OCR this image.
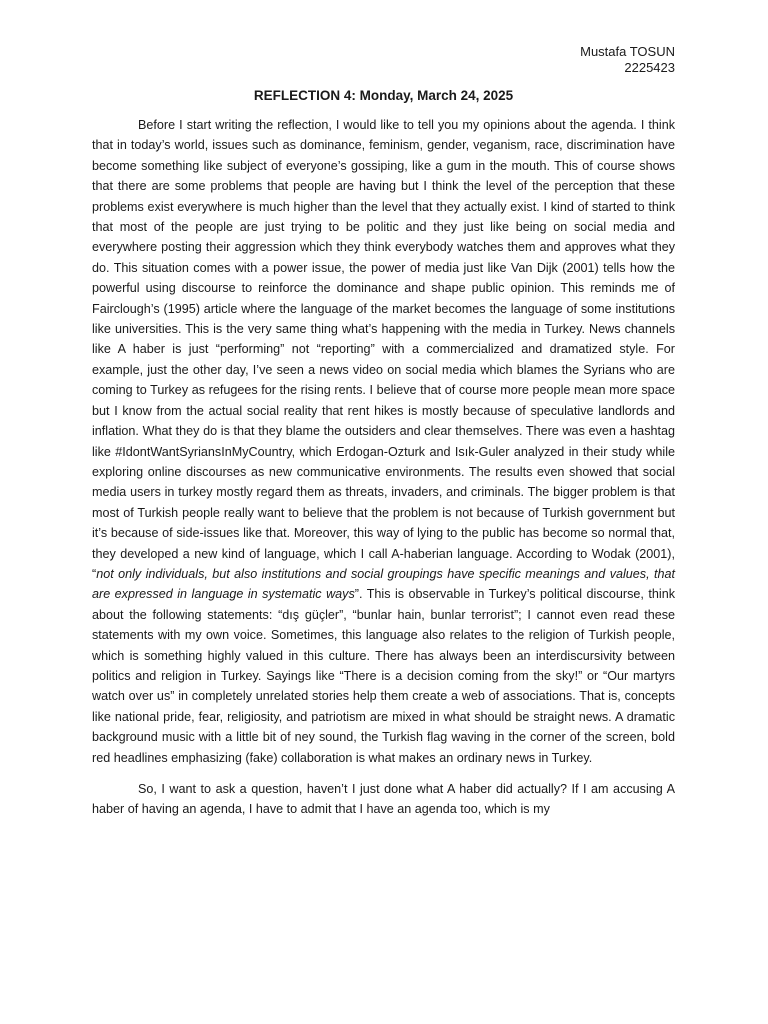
Mustafa TOSUN
2225423
REFLECTION 4: Monday, March 24, 2025

Before I start writing the reflection, I would like to tell you my opinions about the agenda. I think that in today’s world, issues such as dominance, feminism, gender, veganism, race, discrimination have become something like subject of everyone’s gossiping, like a gum in the mouth. This of course shows that there are some problems that people are having but I think the level of the perception that these problems exist everywhere is much higher than the level that they actually exist. I kind of started to think that most of the people are just trying to be politic and they just like being on social media and everywhere posting their aggression which they think everybody watches them and approves what they do. This situation comes with a power issue, the power of media just like Van Dijk (2001) tells how the powerful using discourse to reinforce the dominance and shape public opinion. This reminds me of Fairclough’s (1995) article where the language of the market becomes the language of some institutions like universities. This is the very same thing what’s happening with the media in Turkey. News channels like A haber is just “performing” not “reporting” with a commercialized and dramatized style. For example, just the other day, I’ve seen a news video on social media which blames the Syrians who are coming to Turkey as refugees for the rising rents. I believe that of course more people mean more space but I know from the actual social reality that rent hikes is mostly because of speculative landlords and inflation. What they do is that they blame the outsiders and clear themselves. There was even a hashtag like #IdontWantSyriansInMyCountry, which Erdogan-Ozturk and Isık-Guler analyzed in their study while exploring online discourses as new communicative environments. The results even showed that social media users in turkey mostly regard them as threats, invaders, and criminals. The bigger problem is that most of Turkish people really want to believe that the problem is not because of Turkish government but it’s because of side-issues like that. Moreover, this way of lying to the public has become so normal that, they developed a new kind of language, which I call A-haberian language. According to Wodak (2001), “not only individuals, but also institutions and social groupings have specific meanings and values, that are expressed in language in systematic ways”. This is observable in Turkey’s political discourse, think about the following statements: “dış güçler”, “bunlar hain, bunlar terrorist”; I cannot even read these statements with my own voice. Sometimes, this language also relates to the religion of Turkish people, which is something highly valued in this culture. There has always been an interdiscursivity between politics and religion in Turkey. Sayings like “There is a decision coming from the sky!” or “Our martyrs watch over us” in completely unrelated stories help them create a web of associations. That is, concepts like national pride, fear, religiosity, and patriotism are mixed in what should be straight news. A dramatic background music with a little bit of ney sound, the Turkish flag waving in the corner of the screen, bold red headlines emphasizing (fake) collaboration is what makes an ordinary news in Turkey.

So, I want to ask a question, haven’t I just done what A haber did actually? If I am accusing A haber of having an agenda, I have to admit that I have an agenda too, which is my
